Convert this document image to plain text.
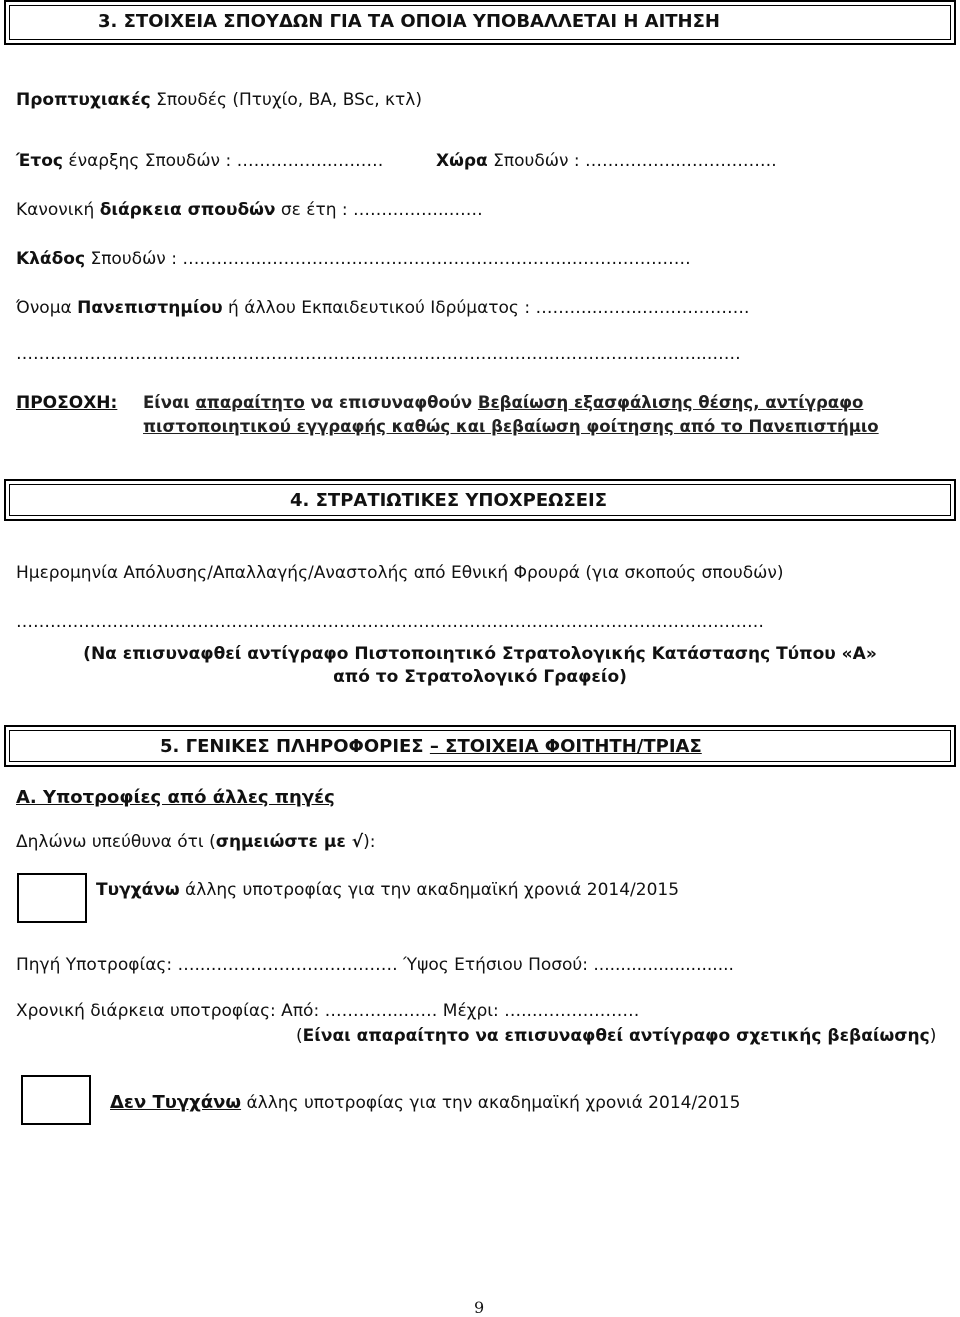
3. ΣΤΟΙΧΕΙΑ ΣΠΟΥΔΩΝ ΓΙΑ ΤΑ ΟΠΟΙΑ ΥΠΟΒΑΛΛΕΤΑΙ Η ΑΙΤΗΣΗ
Προπτυχιακές Σπουδές (Πτυχίο, BA, BSc, κτλ)
Έτος έναρξης Σπουδών : ……………..………	Χώρα Σπουδών : ……………...…………….
Κανονική διάρκεια σπουδών σε έτη : ……………..……
Κλάδος Σπουδών : …………...……………………………………………...…………………
Όνομα Πανεπιστημίου ή άλλου Εκπαιδευτικού Ιδρύματος : ………..……..……………….
…………………………………………………………………………………………………………..……
ΠΡΟΣΟΧΗ: Είναι απαραίτητο να επισυναφθούν Βεβαίωση εξασφάλισης θέσης, αντίγραφο
πιστοποιητικού εγγραφής καθώς και βεβαίωση φοίτησης από το Πανεπιστήμιο
4. ΣΤΡΑΤΙΩΤΙΚΕΣ ΥΠΟΧΡΕΩΣΕΙΣ
Ημερομηνία Απόλυσης/Απαλλαγής/Αναστολής από Εθνική Φρουρά (για σκοπούς σπουδών)
……………………………………………………………………………………………………………………
(Να επισυναφθεί αντίγραφο Πιστοποιητικό Στρατολογικής Κατάστασης Τύπου «Α»
από το Στρατολογικό Γραφείο)
5. ΓΕΝΙΚΕΣ ΠΛΗΡΟΦΟΡΙΕΣ – ΣΤΟΙΧΕΙΑ ΦΟΙΤΗΤΗ/ΤΡΙΑΣ
Α. Υποτροφίες από άλλες πηγές
Δηλώνω υπεύθυνα ότι (σημειώστε με √):
Τυγχάνω άλλης υποτροφίας για την ακαδημαϊκή χρονιά 2014/2015
Πηγή Υποτροφίας: …...…………………………… Ύψος Ετήσιου Ποσού: ..........................
Χρονική διάρκεια υποτροφίας: Από: …………..…… Μέχρι: …...………………
(Είναι απαραίτητο να επισυναφθεί αντίγραφο σχετικής βεβαίωσης)
Δεν Τυγχάνω άλλης υποτροφίας για την ακαδημαϊκή χρονιά 2014/2015
9
